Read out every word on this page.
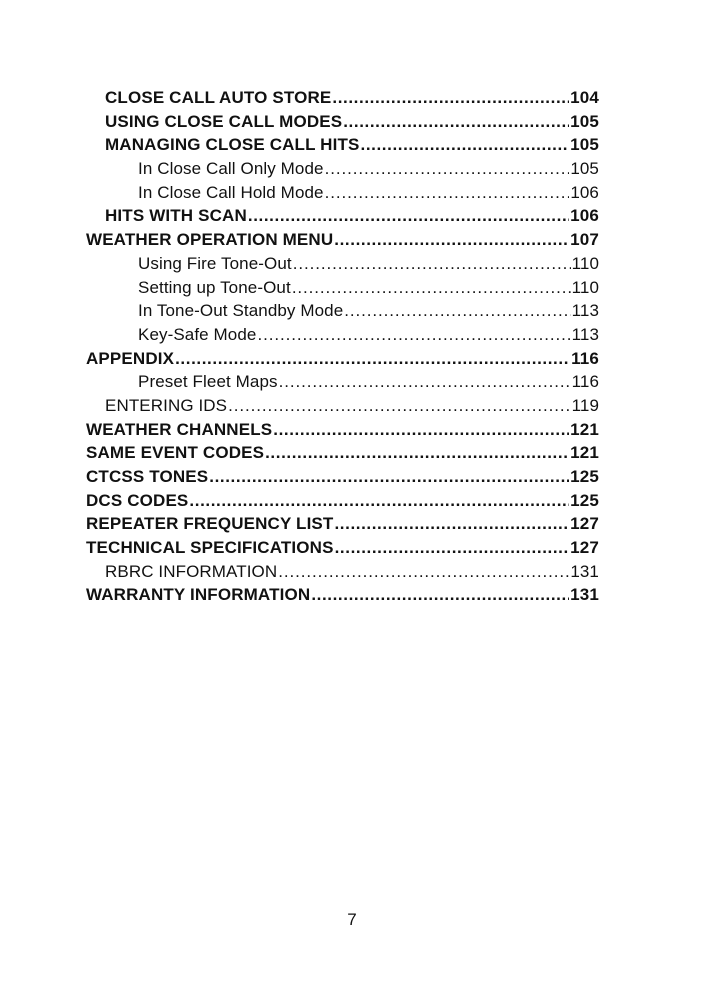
CLOSE CALL AUTO STORE .....	104
USING CLOSE CALL MODES .....	105
MANAGING CLOSE CALL HITS .....	105
In Close Call Only Mode .....	105
In Close Call Hold Mode .....	106
HITS WITH SCAN .....	106
WEATHER OPERATION MENU .....	107
Using Fire Tone-Out .....	110
Setting up Tone-Out .....	110
In Tone-Out Standby Mode .....	113
Key-Safe Mode .....	113
APPENDIX .....	116
Preset Fleet Maps .....	116
ENTERING IDS .....	119
WEATHER CHANNELS .....	121
SAME EVENT CODES .....	121
CTCSS TONES .....	125
DCS CODES .....	125
REPEATER FREQUENCY LIST .....	127
TECHNICAL SPECIFICATIONS .....	127
RBRC INFORMATION .....	131
WARRANTY INFORMATION .....	131
7
